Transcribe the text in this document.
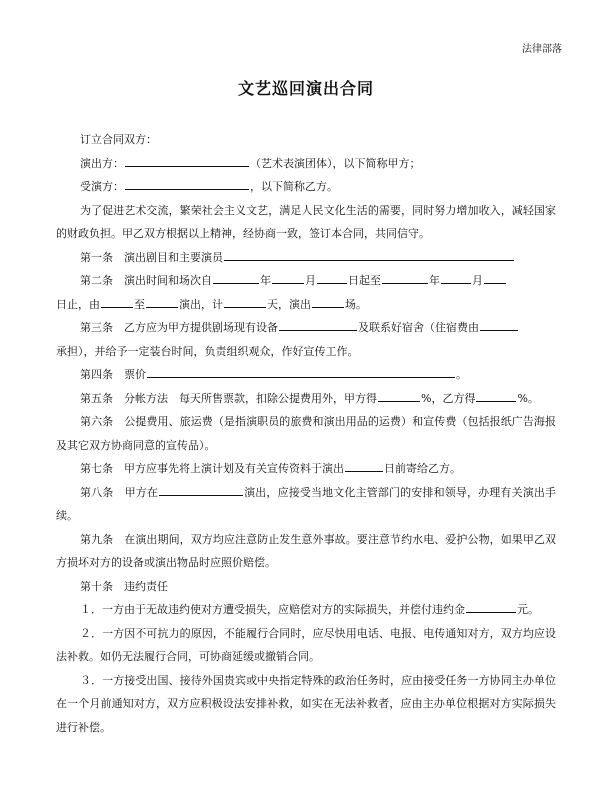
法律部落
文艺巡回演出合同
订立合同双方：
演出方：	（艺术表演团体），以下简称甲方；
受演方：	，以下简称乙方。
为了促进艺术交流，繁荣社会主义文艺，满足人民文化生活的需要，同时努力增加收入，减轻国家的财政负担。甲乙双方根据以上精神，经协商一致，签订本合同，共同信守。
第一条　演出剧目和主要演员
第二条　演出时间和场次自	年	月	日起至	年	月
日止，由	至	演出，计	天，演出	场。
第三条　乙方应为甲方提供剧场现有设备	及联系好宿舍（住宿费由
承担），并给予一定装台时间，负责组织观众，作好宣传工作。
第四条　票价	。
第五条　分帐方法　每天所售票款，扣除公提费用外，甲方得	%，乙方得	%。
第六条　公提费用、旅运费（是指演职员的旅费和演出用品的运费）和宣传费（包括报纸广告海报及其它双方协商同意的宣传品）。
第七条　甲方应事先将上演计划及有关宣传资料于演出	日前寄给乙方。
第八条　甲方在	演出，应接受当地文化主管部门的安排和领导，办理有关演出手续。
第九条　在演出期间，双方均应注意防止发生意外事故。要注意节约水电、爱护公物，如果甲乙双方损坏对方的设备或演出物品时应照价赔偿。
第十条　违约责任
１．一方由于无故违约使对方遭受损失，应赔偿对方的实际损失，并偿付违约金	元。
２．一方因不可抗力的原因，不能履行合同时，应尽快用电话、电报、电传通知对方，双方均应设法补救。如仍无法履行合同，可协商延缓或撤销合同。
３．一方接受出国、接待外国贵宾或中央指定特殊的政治任务时，应由接受任务一方协同主办单位在一个月前通知对方，双方应积极设法安排补救，如实在无法补救者，应由主办单位根据对方实际损失进行补偿。
